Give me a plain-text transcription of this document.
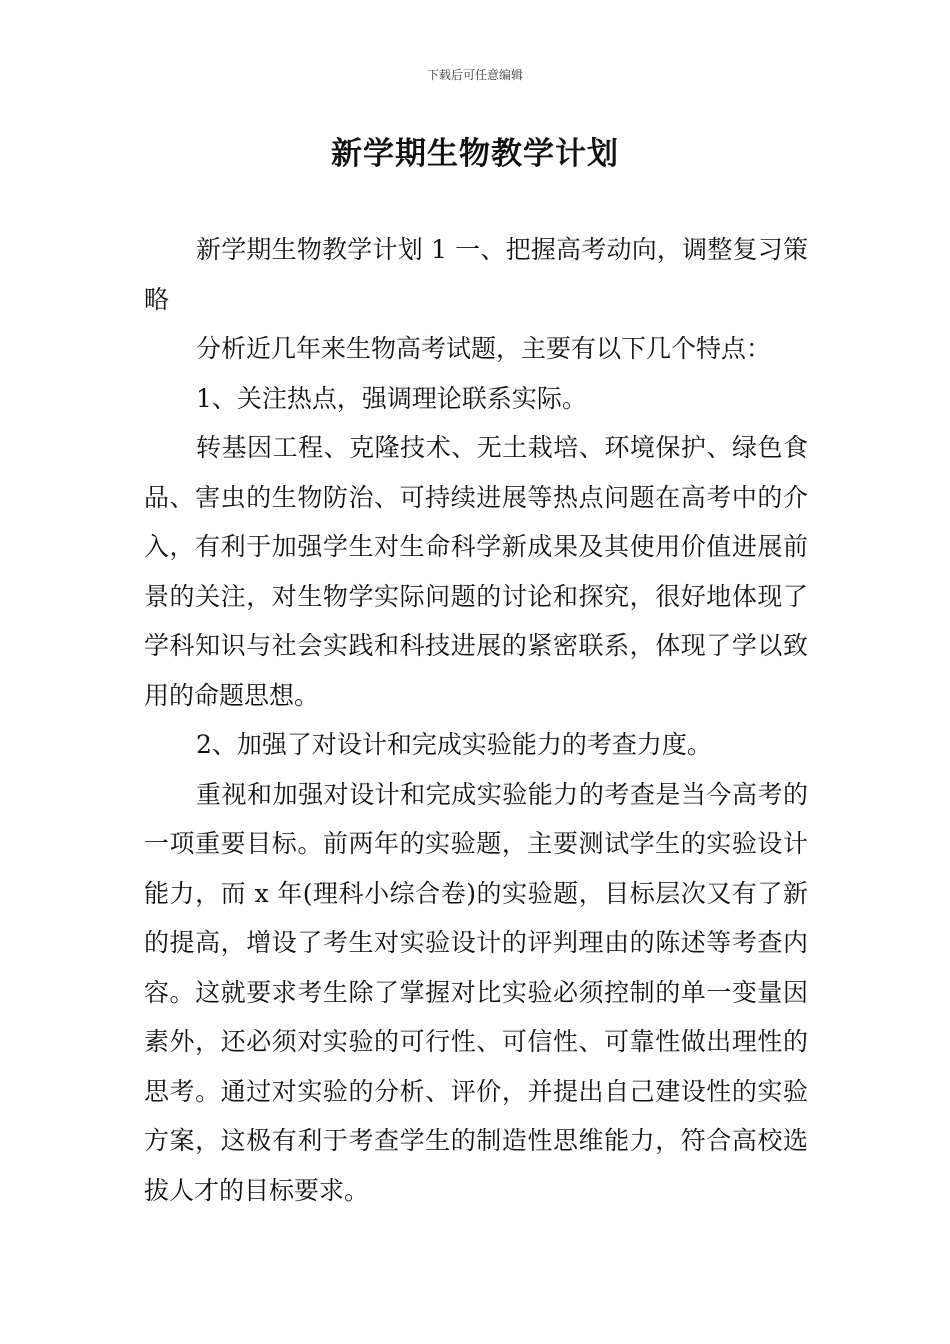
下载后可任意编辑
新学期生物教学计划

新学期生物教学计划 1 一、把握高考动向，调整复习策略

分析近几年来生物高考试题，主要有以下几个特点：

1、关注热点，强调理论联系实际。

转基因工程、克隆技术、无土栽培、环境保护、绿色食品、害虫的生物防治、可持续进展等热点问题在高考中的介入，有利于加强学生对生命科学新成果及其使用价值进展前景的关注，对生物学实际问题的讨论和探究，很好地体现了学科知识与社会实践和科技进展的紧密联系，体现了学以致用的命题思想。

2、加强了对设计和完成实验能力的考查力度。

重视和加强对设计和完成实验能力的考查是当今高考的一项重要目标。前两年的实验题，主要测试学生的实验设计能力，而 x 年(理科小综合卷)的实验题，目标层次又有了新的提高，增设了考生对实验设计的评判理由的陈述等考查内容。这就要求考生除了掌握对比实验必须控制的单一变量因素外，还必须对实验的可行性、可信性、可靠性做出理性的思考。通过对实验的分析、评价，并提出自己建设性的实验方案，这极有利于考查学生的制造性思维能力，符合高校选拔人才的目标要求。
